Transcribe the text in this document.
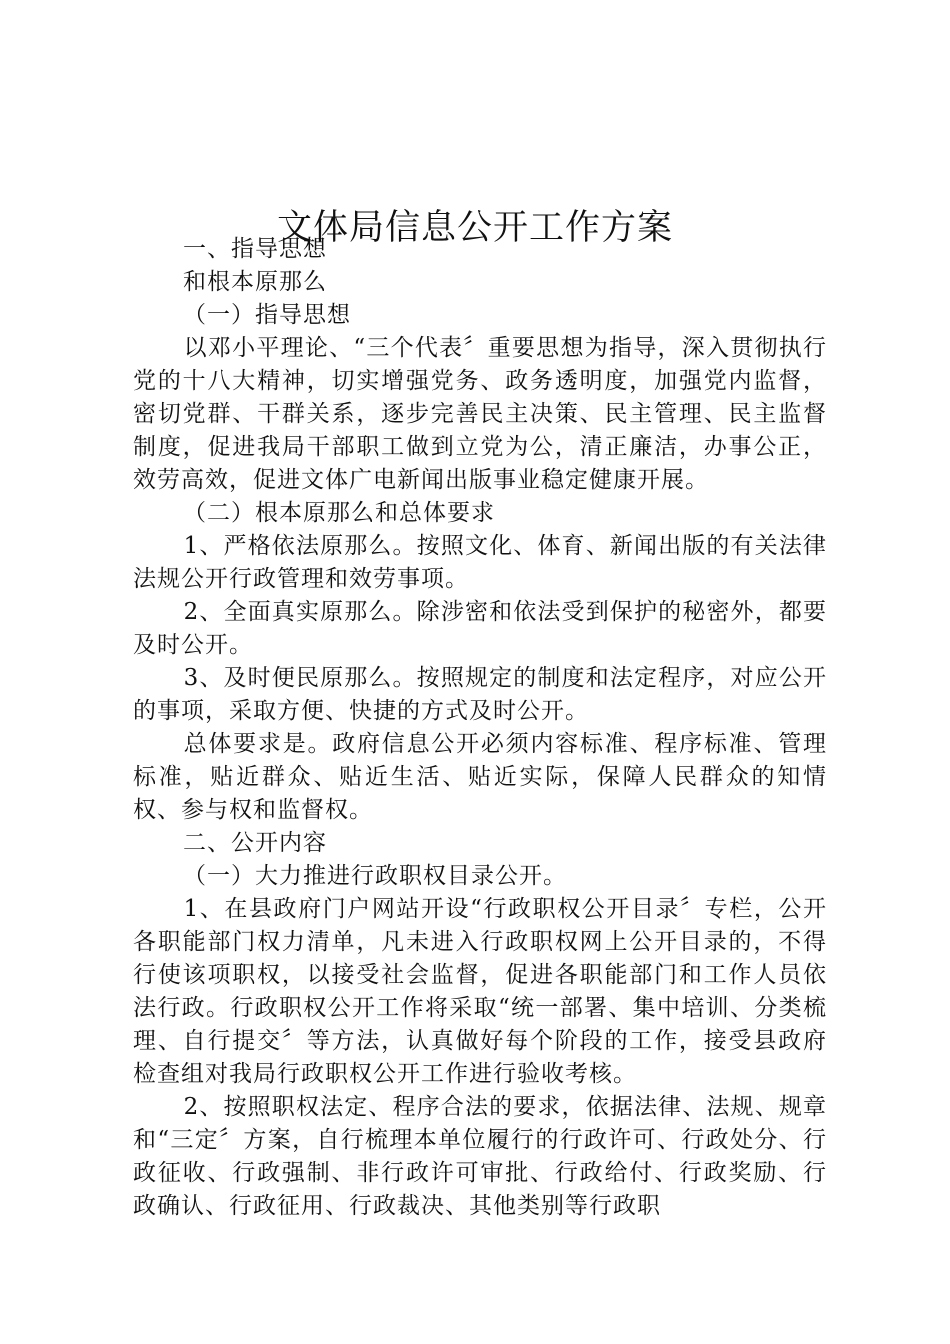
文体局信息公开工作方案

一、指导思想

和根本原那么

（一）指导思想

以邓小平理论、“三个代表〞重要思想为指导，深入贯彻执行党的十八大精神，切实增强党务、政务透明度，加强党内监督，密切党群、干群关系，逐步完善民主决策、民主管理、民主监督制度，促进我局干部职工做到立党为公，清正廉洁，办事公正，效劳高效，促进文体广电新闻出版事业稳定健康开展。

（二）根本原那么和总体要求

1、严格依法原那么。按照文化、体育、新闻出版的有关法律法规公开行政管理和效劳事项。

2、全面真实原那么。除涉密和依法受到保护的秘密外，都要及时公开。

3、及时便民原那么。按照规定的制度和法定程序，对应公开的事项，采取方便、快捷的方式及时公开。

总体要求是。政府信息公开必须内容标准、程序标准、管理标准，贴近群众、贴近生活、贴近实际，保障人民群众的知情权、参与权和监督权。

二、公开内容

（一）大力推进行政职权目录公开。

1、在县政府门户网站开设“行政职权公开目录〞专栏，公开各职能部门权力清单，凡未进入行政职权网上公开目录的，不得行使该项职权，以接受社会监督，促进各职能部门和工作人员依法行政。行政职权公开工作将采取“统一部署、集中培训、分类梳理、自行提交〞等方法，认真做好每个阶段的工作，接受县政府检查组对我局行政职权公开工作进行验收考核。

2、按照职权法定、程序合法的要求，依据法律、法规、规章和“三定〞方案，自行梳理本单位履行的行政许可、行政处分、行政征收、行政强制、非行政许可审批、行政给付、行政奖励、行政确认、行政征用、行政裁决、其他类别等行政职
